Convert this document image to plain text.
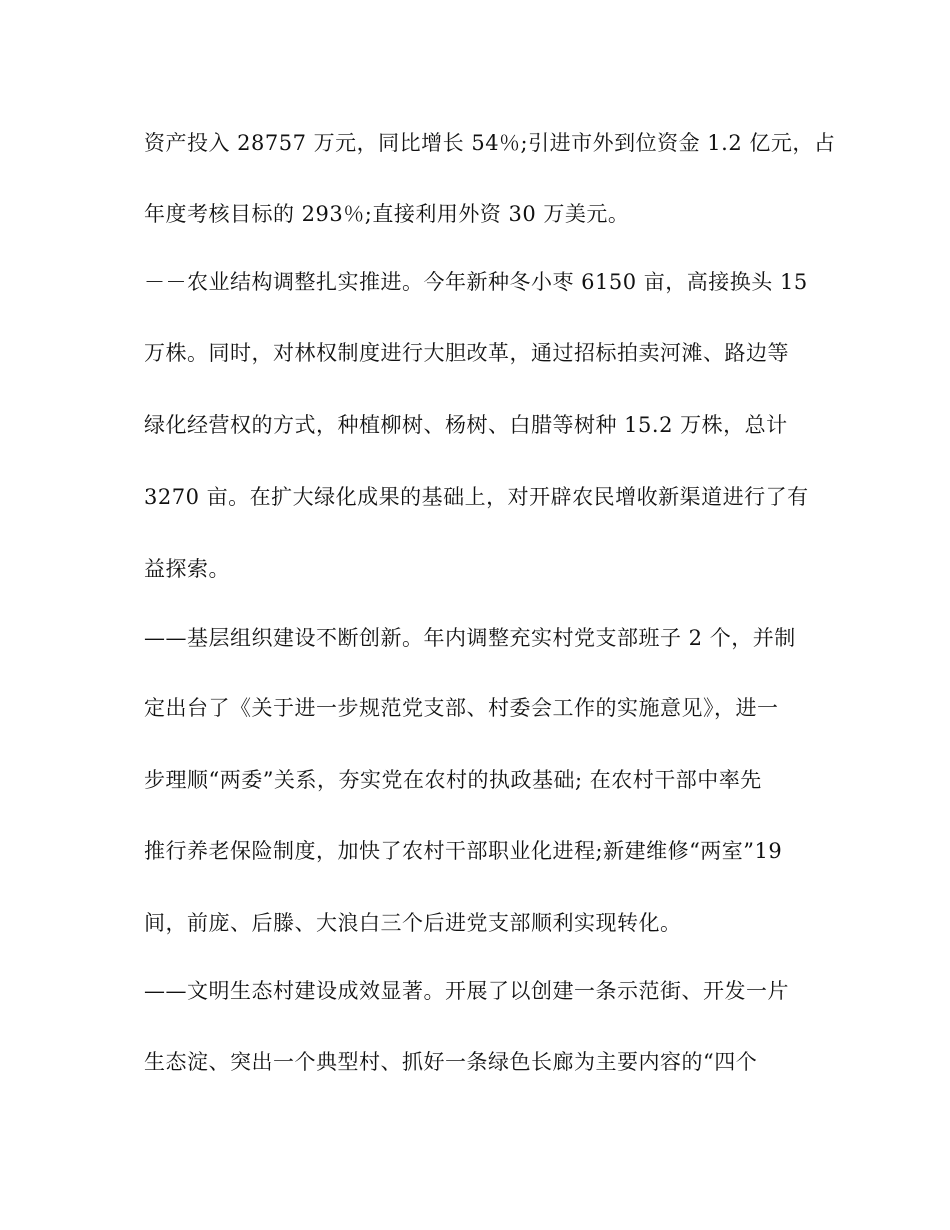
资产投入 28757 万元，同比增长 54％;引进市外到位资金 1.2 亿元，占
年度考核目标的 293％;直接利用外资 30 万美元。
－－农业结构调整扎实推进。今年新种冬小枣 6150 亩，高接换头 15
万株。同时，对林权制度进行大胆改革，通过招标拍卖河滩、路边等
绿化经营权的方式，种植柳树、杨树、白腊等树种 15.2 万株，总计
3270 亩。在扩大绿化成果的基础上，对开辟农民增收新渠道进行了有
益探索。
——基层组织建设不断创新。年内调整充实村党支部班子 2 个，并制
定出台了《关于进一步规范党支部、村委会工作的实施意见》，进一
步理顺“两委”关系，夯实党在农村的执政基础; 在农村干部中率先
推行养老保险制度，加快了农村干部职业化进程;新建维修“两室”19
间，前庞、后滕、大浪白三个后进党支部顺利实现转化。
——文明生态村建设成效显著。开展了以创建一条示范街、开发一片
生态淀、突出一个典型村、抓好一条绿色长廊为主要内容的“四个
